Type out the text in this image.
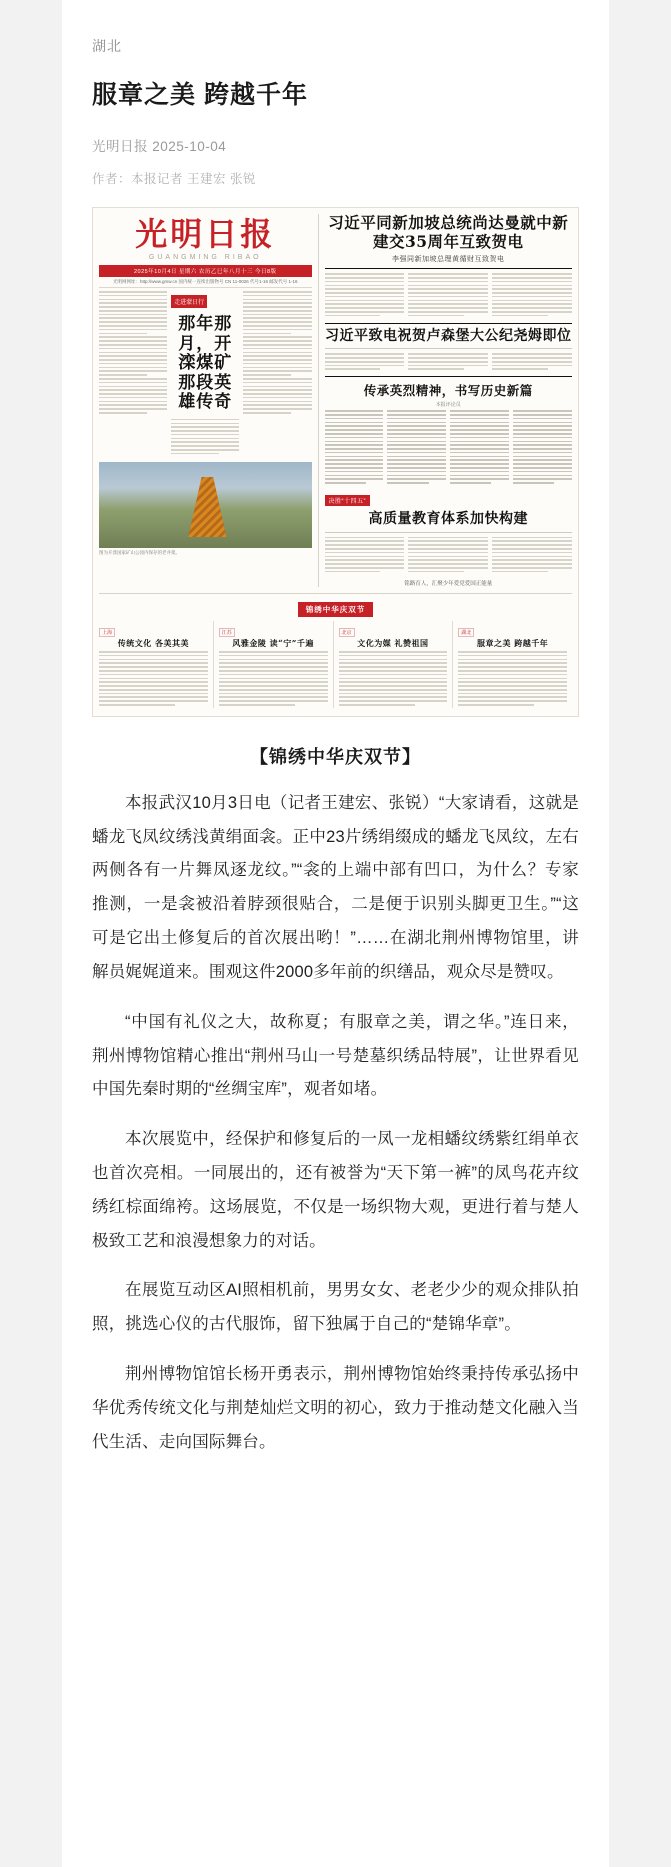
湖北
服章之美 跨越千年
光明日报 2025-10-04
作者：本报记者 王建宏 张锐
光明日报
GUANGMING RIBAO
2025年10月4日 星期六 农历乙巳年八月十三 今日8版
光明网网址：http://www.gmw.cn 国内统一连续出版物号 CN 11-0026 代号1-16 邮发代号 1-16
走进蒙日行
那年那月，开滦煤矿那段英雄传奇
图为开滦国家矿山公园内保存的老井架。
习近平同新加坡总统尚达曼就中新建交35周年互致贺电
李强同新加坡总理黄循财互致贺电
习近平致电祝贺卢森堡大公纪尧姆即位
传承英烈精神，书写历史新篇
本报评论员
决胜“十四五”
高质量教育体系加快构建
铭路育人，汇聚少年爱党爱国正能量
锦绣中华庆双节
上海
传统文化 各美其美
江苏
风雅金陵 读“宁”千遍
北京
文化为媒 礼赞祖国
湖北
服章之美 跨越千年
【锦绣中华庆双节】

本报武汉10月3日电（记者王建宏、张锐）“大家请看，这就是蟠龙飞凤纹绣浅黄绢面衾。正中23片绣绢缀成的蟠龙飞凤纹，左右两侧各有一片舞凤逐龙纹。”“衾的上端中部有凹口，为什么？专家推测，一是衾被沿着脖颈很贴合，二是便于识别头脚更卫生。”“这可是它出土修复后的首次展出哟！”……在湖北荆州博物馆里，讲解员娓娓道来。围观这件2000多年前的织缮品，观众尽是赞叹。

“中国有礼仪之大，故称夏；有服章之美，谓之华。”连日来，荆州博物馆精心推出“荆州马山一号楚墓织绣品特展”，让世界看见中国先秦时期的“丝绸宝库”，观者如堵。

本次展览中，经保护和修复后的一凤一龙相蟠纹绣紫红绢单衣也首次亮相。一同展出的，还有被誉为“天下第一裤”的凤鸟花卉纹绣红棕面绵袴。这场展览，不仅是一场织物大观，更进行着与楚人极致工艺和浪漫想象力的对话。

在展览互动区AI照相机前，男男女女、老老少少的观众排队拍照，挑选心仪的古代服饰，留下独属于自己的“楚锦华章”。

荆州博物馆馆长杨开勇表示，荆州博物馆始终秉持传承弘扬中华优秀传统文化与荆楚灿烂文明的初心，致力于推动楚文化融入当代生活、走向国际舞台。
